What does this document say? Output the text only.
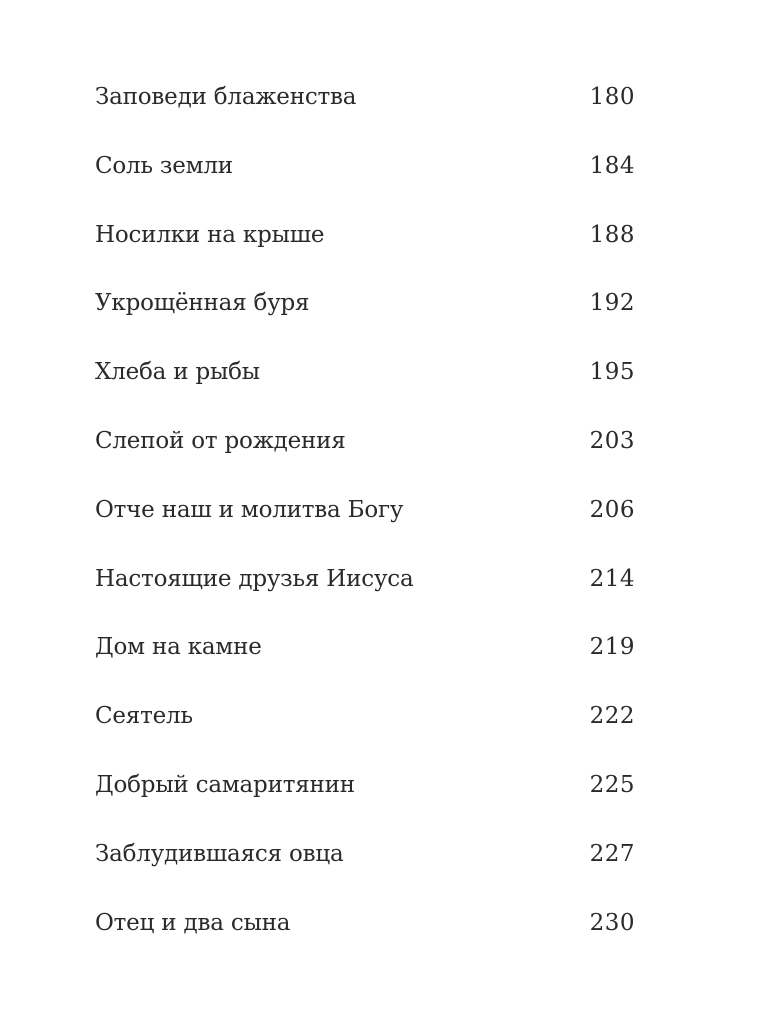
Заповеди блаженства	180
Соль земли	184
Носилки на крыше	188
Укрощённая буря	192
Хлеба и рыбы	195
Слепой от рождения	203
Отче наш и молитва Богу	206
Настоящие друзья Иисуса	214
Дом на камне	219
Сеятель	222
Добрый самаритянин	225
Заблудившаяся овца	227
Отец и два сына	230
